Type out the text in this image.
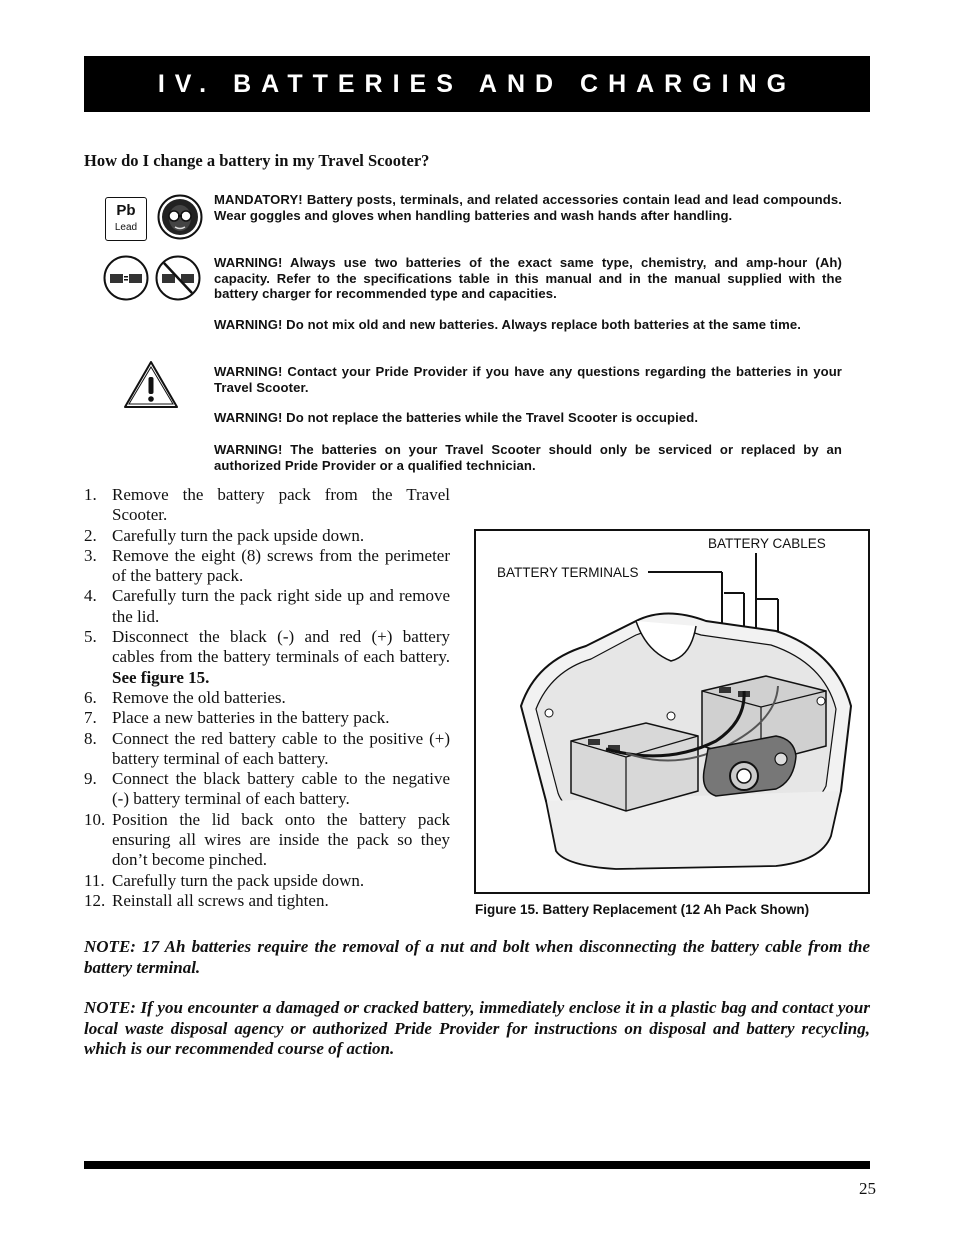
IV. BATTERIES AND CHARGING
How do I change a battery in my Travel Scooter?
Pb
Lead
MANDATORY! Battery posts, terminals, and related accessories contain lead and lead compounds. Wear goggles and gloves when handling batteries and wash hands after handling.
WARNING! Always use two batteries of the exact same type, chemistry, and amp-hour (Ah) capacity. Refer to the specifications table in this manual and in the manual supplied with the battery charger for recommended type and capacities.
WARNING! Do not mix old and new batteries. Always replace both batteries at the same time.
WARNING! Contact your Pride Provider if you have any questions regarding the batteries in your Travel Scooter.
WARNING! Do not replace the batteries while the Travel Scooter is occupied.
WARNING! The batteries on your Travel Scooter should only be serviced or replaced by an authorized Pride Provider or a qualified technician.
1. Remove the battery pack from the Travel Scooter.
2. Carefully turn the pack upside down.
3. Remove the eight (8) screws from the perimeter of the battery pack.
4. Carefully turn the pack right side up and remove the lid.
5. Disconnect the black (-) and red (+) battery cables from the battery terminals of each battery. See figure 15.
6. Remove the old batteries.
7. Place a new batteries in the battery pack.
8. Connect the red battery cable to the positive (+) battery terminal of each battery.
9. Connect the black battery cable to the negative (-) battery terminal of each battery.
10. Position the lid back onto the battery pack ensuring all wires are inside the pack so they don’t become pinched.
11. Carefully turn the pack upside down.
12. Reinstall all screws and tighten.
BATTERY CABLES
BATTERY TERMINALS
Figure 15. Battery Replacement (12 Ah Pack Shown)
NOTE: 17 Ah batteries require the removal of a nut and bolt when disconnecting the battery cable from the battery terminal.
NOTE: If you encounter a damaged or cracked battery, immediately enclose it in a plastic bag and contact your local waste disposal agency or authorized Pride Provider for instructions on disposal and battery recycling, which is our recommended course of action.
25
